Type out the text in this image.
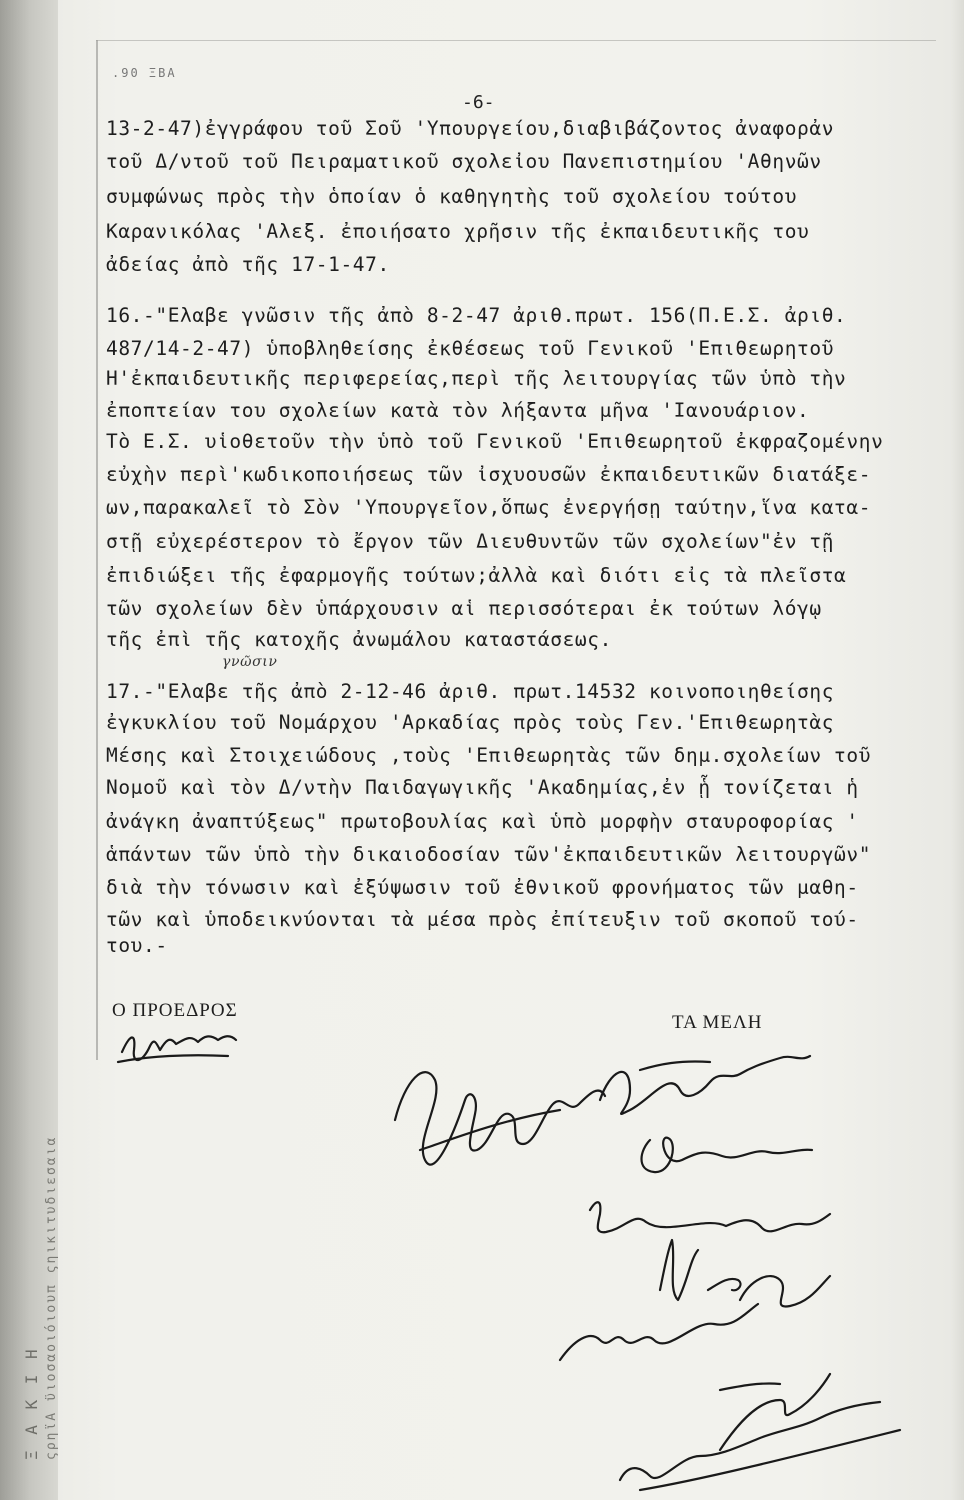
Ξ Α Κ Ι Η ςρηϊΑ ϋιοσαοιόιουπ ςηικιτυδιεσαια
.90 ΞΒΑ
-6-
13-2-47)ἐγγράφου τοῦ Σοῦ 'Υπουργείου,διαβιβάζοντος ἀναφορἀν
τοῦ Δ/ντοῦ τοῦ Πειραματικοῦ σχολεἰου Πανεπιστημίου 'Αθηνῶν
συμφώνως πρὸς τὴν ὁποίαν ὁ καθηγητὴς τοῦ σχολείου τούτου
Καρανικόλας 'Αλεξ. ἐποιήσατο χρῆσιν τῆς ἐκπαιδευτικῆς του
ἀδείας ἀπὸ τῆς 17-1-47.
16.-"Ελαβε γνῶσιν τῆς ἀπὸ 8-2-47 ἀριθ.πρωτ. 156(Π.Ε.Σ. ἀριθ.
487/14-2-47) ὑποβληθείσης ἐκθέσεως τοῦ Γενικοῦ 'Επιθεωρητοῦ
Η'ἐκπαιδευτικῆς περιφερείας,περὶ τῆς λειτουργίας τῶν ὑπὸ τὴν
ἐποπτείαν του σχολείων κατὰ τὸν λήξαντα μῆνα 'Ιανουάριον.
Τὸ Ε.Σ. υἱοθετοῦν τὴν ὑπὸ τοῦ Γενικοῦ 'Επιθεωρητοῦ ἐκφραζομένην
εὐχὴν περὶ'κωδικοποιήσεως τῶν ἰσχυουσῶν ἐκπαιδευτικῶν διατάξε-
ων,παρακαλεῖ τὸ Σὸν 'Υπουργεῖον,ὅπως ἐνεργήσῃ ταύτην,ἵνα κατα-
στῇ εὐχερέστερον τὸ ἔργον τῶν Διευθυντῶν τῶν σχολείων"ἐν τῇ
ἐπιδιώξει τῆς ἐφαρμογῆς τούτων;ἀλλὰ καὶ διότι εἰς τὰ πλεῖστα
τῶν σχολείων δὲν ὑπάρχουσιν αἱ περισσότεραι ἐκ τούτων λόγῳ
τῆς ἐπὶ τῆς κατοχῆς ἀνωμάλου καταστάσεως.
γνῶσιν
17.-"Ελαβε τῆς ἀπὸ 2-12-46 ἀριθ. πρωτ.14532 κοινοποιηθείσης
ἐγκυκλίου τοῦ Νομάρχου 'Αρκαδίας πρὸς τοὺς Γεν.'Επιθεωρητὰς
Μέσης καὶ Στοιχειώδους ,τοὺς 'Επιθεωρητὰς τῶν δημ.σχολείων τοῦ
Νομοῦ καὶ τὸν Δ/ντὴν Παιδαγωγικῆς 'Ακαδημίας,ἐν ᾗ τονίζεται ἡ
ἀνάγκη ἀναπτύξεως" πρωτοβουλίας καὶ ὑπὸ μορφὴν σταυροφορίας '
ἁπάντων τῶν ὑπὸ τὴν δικαιοδοσίαν τῶν'ἐκπαιδευτικῶν λειτουργῶν"
διὰ τὴν τόνωσιν καὶ ἐξύψωσιν τοῦ ἐθνικοῦ φρονήματος τῶν μαθη-
τῶν καὶ ὑποδεικνύονται τὰ μέσα πρὸς ἐπίτευξιν τοῦ σκοποῦ τού-
του.-
Ο ΠΡΟΕΔΡΟΣ
ΤΑ ΜΕΛΗ
